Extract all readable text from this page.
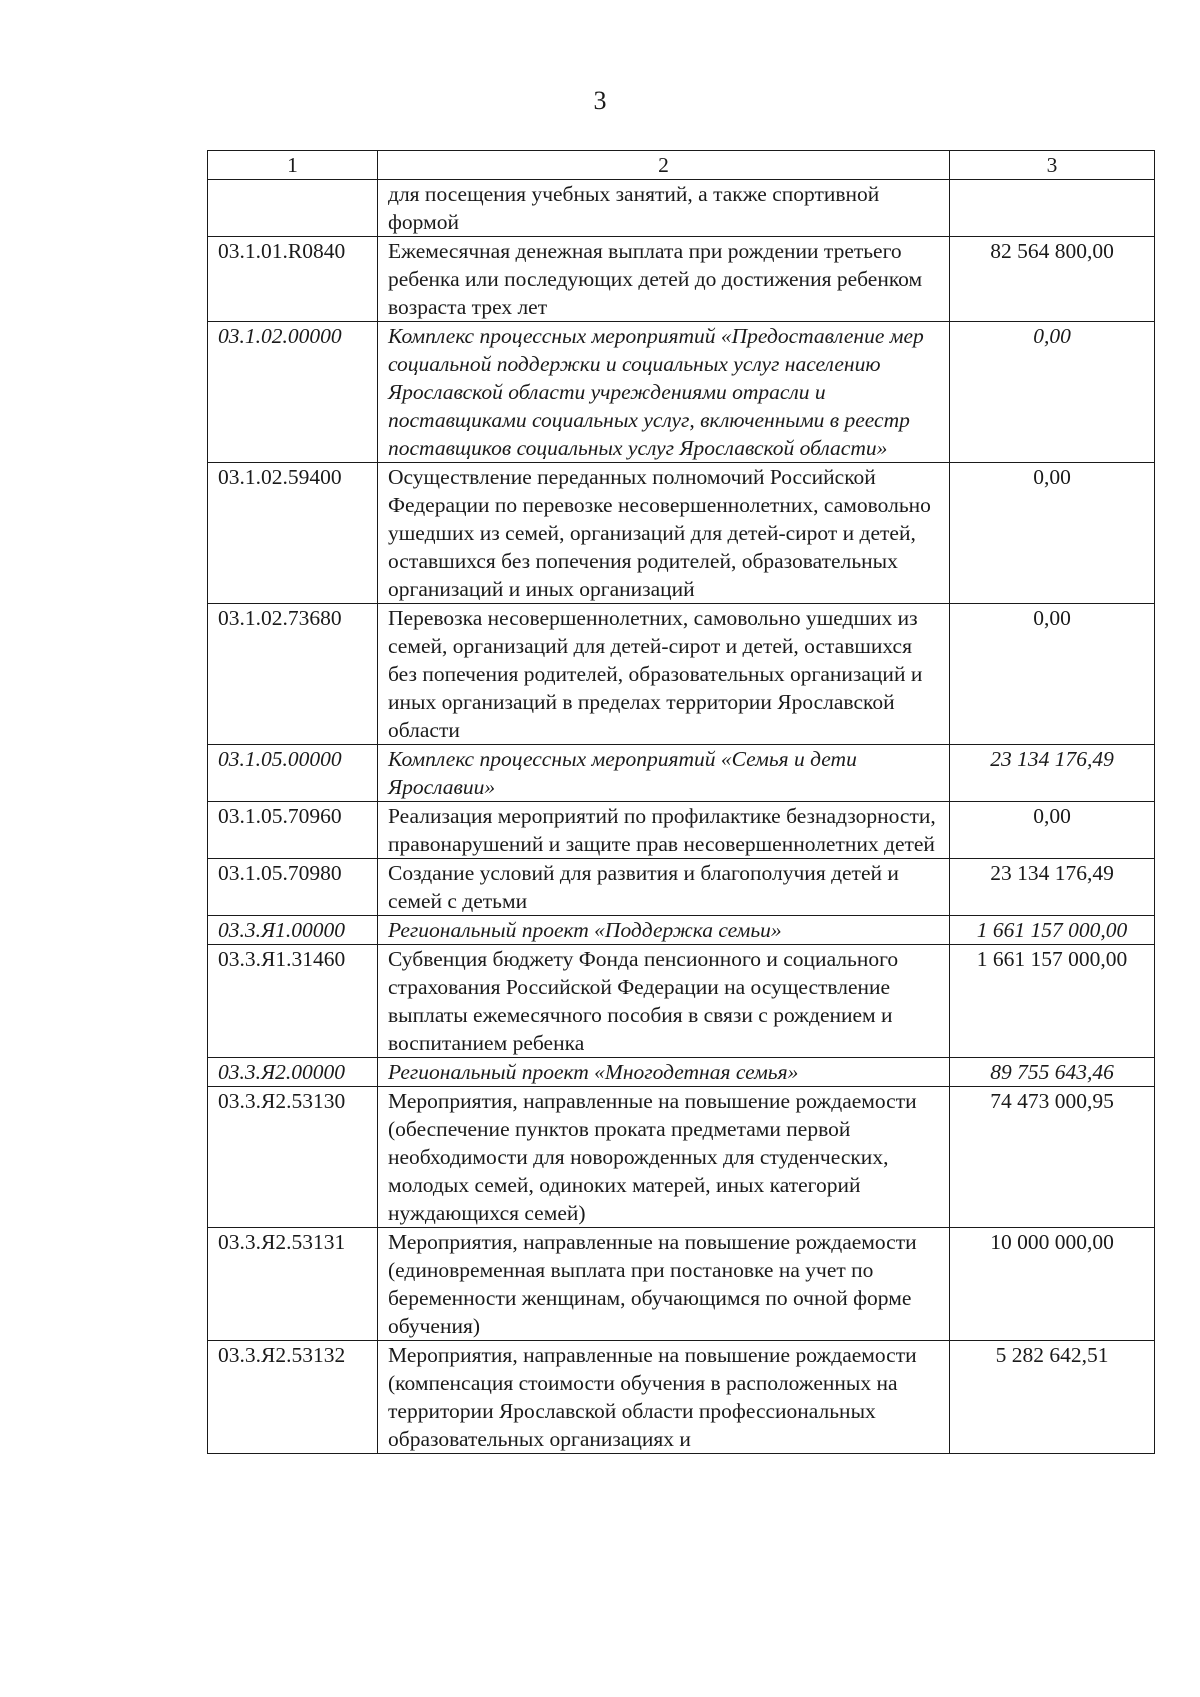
3
1	2	3
	для посещения учебных занятий, а также спортивной формой	
03.1.01.R0840	Ежемесячная денежная выплата при рождении третьего ребенка или последующих детей до достижения ребенком возраста трех лет	82 564 800,00
03.1.02.00000	Комплекс процессных мероприятий «Предоставление мер социальной поддержки и социальных услуг населению Ярославской области учреждениями отрасли и поставщиками социальных услуг, включенными в реестр поставщиков социальных услуг Ярославской области»	0,00
03.1.02.59400	Осуществление переданных полномочий Российской Федерации по перевозке несовершеннолетних, самовольно ушедших из семей, организаций для детей-сирот и детей, оставшихся без попечения родителей, образовательных организаций и иных организаций	0,00
03.1.02.73680	Перевозка несовершеннолетних, самовольно ушедших из семей, организаций для детей-сирот и детей, оставшихся без попечения родителей, образовательных организаций и иных организаций в пределах территории Ярославской области	0,00
03.1.05.00000	Комплекс процессных мероприятий «Семья и дети Ярославии»	23 134 176,49
03.1.05.70960	Реализация мероприятий по профилактике безнадзорности, правонарушений и защите прав несовершеннолетних детей	0,00
03.1.05.70980	Создание условий для развития и благополучия детей и семей с детьми	23 134 176,49
03.3.Я1.00000	Региональный проект «Поддержка семьи»	1 661 157 000,00
03.3.Я1.31460	Субвенция бюджету Фонда пенсионного и социального страхования Российской Федерации на осуществление выплаты ежемесячного пособия в связи с рождением и воспитанием ребенка	1 661 157 000,00
03.3.Я2.00000	Региональный проект «Многодетная семья»	89 755 643,46
03.3.Я2.53130	Мероприятия, направленные на повышение рождаемости (обеспечение пунктов проката предметами первой необходимости для новорожденных для студенческих, молодых семей, одиноких матерей, иных категорий нуждающихся семей)	74 473 000,95
03.3.Я2.53131	Мероприятия, направленные на повышение рождаемости (единовременная выплата при постановке на учет по беременности женщинам, обучающимся по очной форме обучения)	10 000 000,00
03.3.Я2.53132	Мероприятия, направленные на повышение рождаемости (компенсация стоимости обучения в расположенных на территории Ярославской области профессиональных образовательных организациях и	5 282 642,51
